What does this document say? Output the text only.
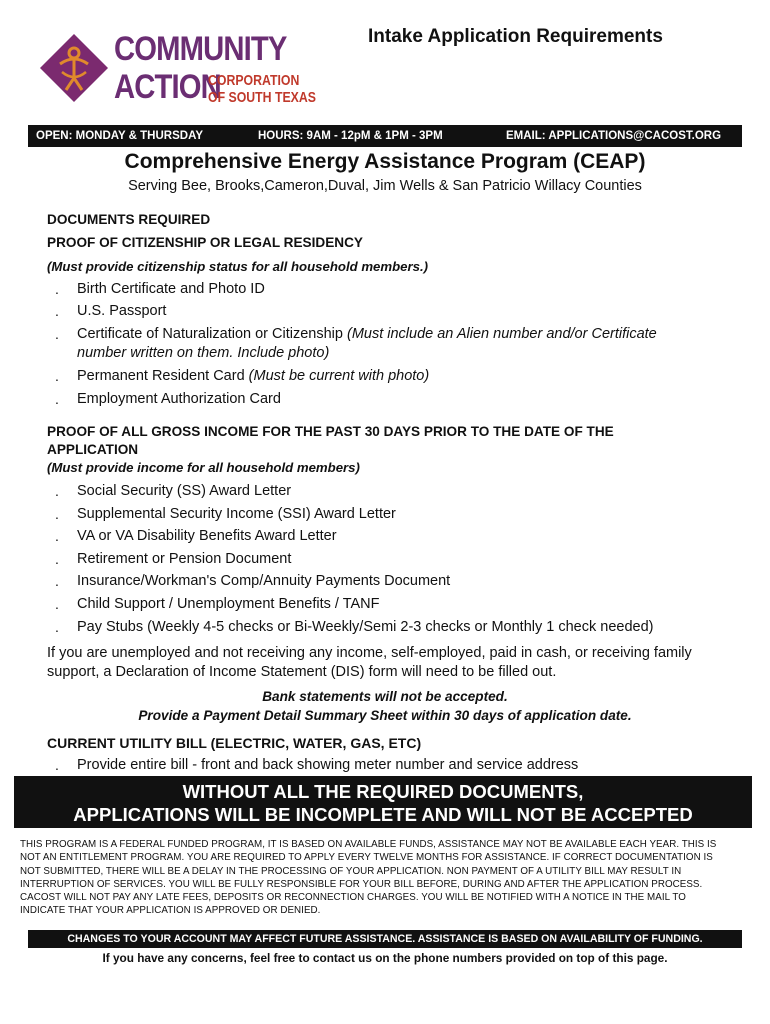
COMMUNITY
ACTION
CORPORATION
OF SOUTH TEXAS
Intake Application Requirements
OPEN: MONDAY & THURSDAY	HOURS: 9AM - 12pM & 1PM - 3PM	EMAIL: APPLICATIONS@CACOST.ORG
Comprehensive Energy Assistance Program (CEAP)
Serving Bee, Brooks,Cameron,Duval, Jim Wells & San Patricio Willacy Counties
DOCUMENTS REQUIRED
PROOF OF CITIZENSHIP OR LEGAL RESIDENCY
(Must provide citizenship status for all household members.)
. Birth Certificate and Photo ID
. U.S. Passport
. Certificate of Naturalization or Citizenship (Must include an Alien number and/or Certificate
number written on them. Include photo)
. Permanent Resident Card (Must be current with photo)
. Employment Authorization Card
PROOF OF ALL GROSS INCOME FOR THE PAST 30 DAYS PRIOR TO THE DATE OF THE
APPLICATION
(Must provide income for all household members)
. Social Security (SS) Award Letter
. Supplemental Security Income (SSI) Award Letter
. VA or VA Disability Benefits Award Letter
. Retirement or Pension Document
. Insurance/Workman's Comp/Annuity Payments Document
. Child Support / Unemployment Benefits / TANF
. Pay Stubs (Weekly 4-5 checks or Bi-Weekly/Semi 2-3 checks or Monthly 1 check needed)
If you are unemployed and not receiving any income, self-employed, paid in cash, or receiving family
support, a Declaration of Income Statement (DIS) form will need to be filled out.
Bank statements will not be accepted.
Provide a Payment Detail Summary Sheet within 30 days of application date.
CURRENT UTILITY BILL (ELECTRIC, WATER, GAS, ETC)
. Provide entire bill - front and back showing meter number and service address
WITHOUT ALL THE REQUIRED DOCUMENTS,
APPLICATIONS WILL BE INCOMPLETE AND WILL NOT BE ACCEPTED
THIS PROGRAM IS A FEDERAL FUNDED PROGRAM, IT IS BASED ON AVAILABLE FUNDS, ASSISTANCE MAY NOT BE AVAILABLE EACH YEAR. THIS IS
NOT AN ENTITLEMENT PROGRAM. YOU ARE REQUIRED TO APPLY EVERY TWELVE MONTHS FOR ASSISTANCE. IF CORRECT DOCUMENTATION IS
NOT SUBMITTED, THERE WILL BE A DELAY IN THE PROCESSING OF YOUR APPLICATION. NON PAYMENT OF A UTILITY BILL MAY RESULT IN
INTERRUPTION OF SERVICES. YOU WILL BE FULLY RESPONSIBLE FOR YOUR BILL BEFORE, DURING AND AFTER THE APPLICATION PROCESS.
CACOST WILL NOT PAY ANY LATE FEES, DEPOSITS OR RECONNECTION CHARGES. YOU WILL BE NOTIFIED WITH A NOTICE IN THE MAIL TO
INDICATE THAT YOUR APPLICATION IS APPROVED OR DENIED.
CHANGES TO YOUR ACCOUNT MAY AFFECT FUTURE ASSISTANCE. ASSISTANCE IS BASED ON AVAILABILITY OF FUNDING.
If you have any concerns, feel free to contact us on the phone numbers provided on top of this page.
